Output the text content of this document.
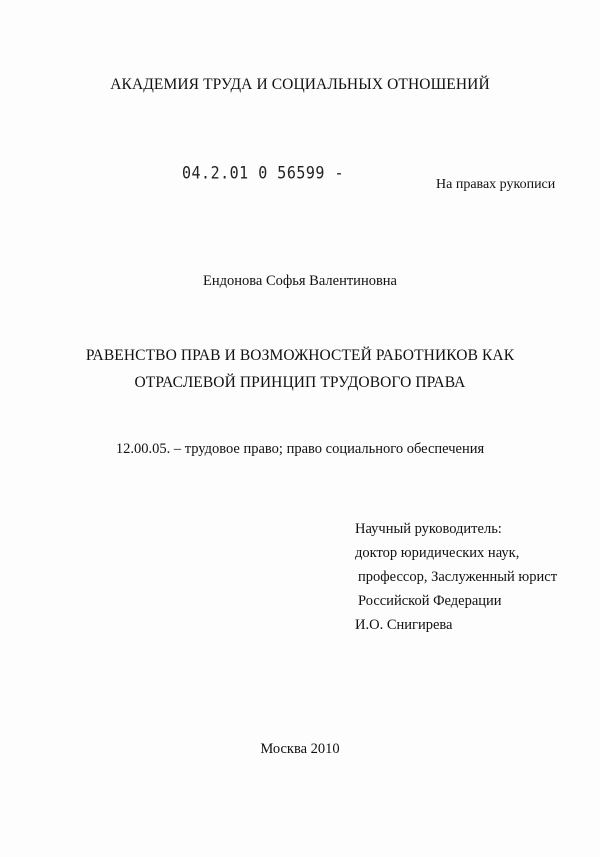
АКАДЕМИЯ ТРУДА И СОЦИАЛЬНЫХ ОТНОШЕНИЙ
04.2.01 0 56599 -
На правах рукописи
Ендонова Софья Валентиновна
РАВЕНСТВО ПРАВ И ВОЗМОЖНОСТЕЙ РАБОТНИКОВ КАК
ОТРАСЛЕВОЙ ПРИНЦИП ТРУДОВОГО ПРАВА
12.00.05. – трудовое право; право социального обеспечения
Научный руководитель:
доктор юридических наук,
профессор, Заслуженный юрист
Российской Федерации
И.О. Снигирева
Москва 2010
